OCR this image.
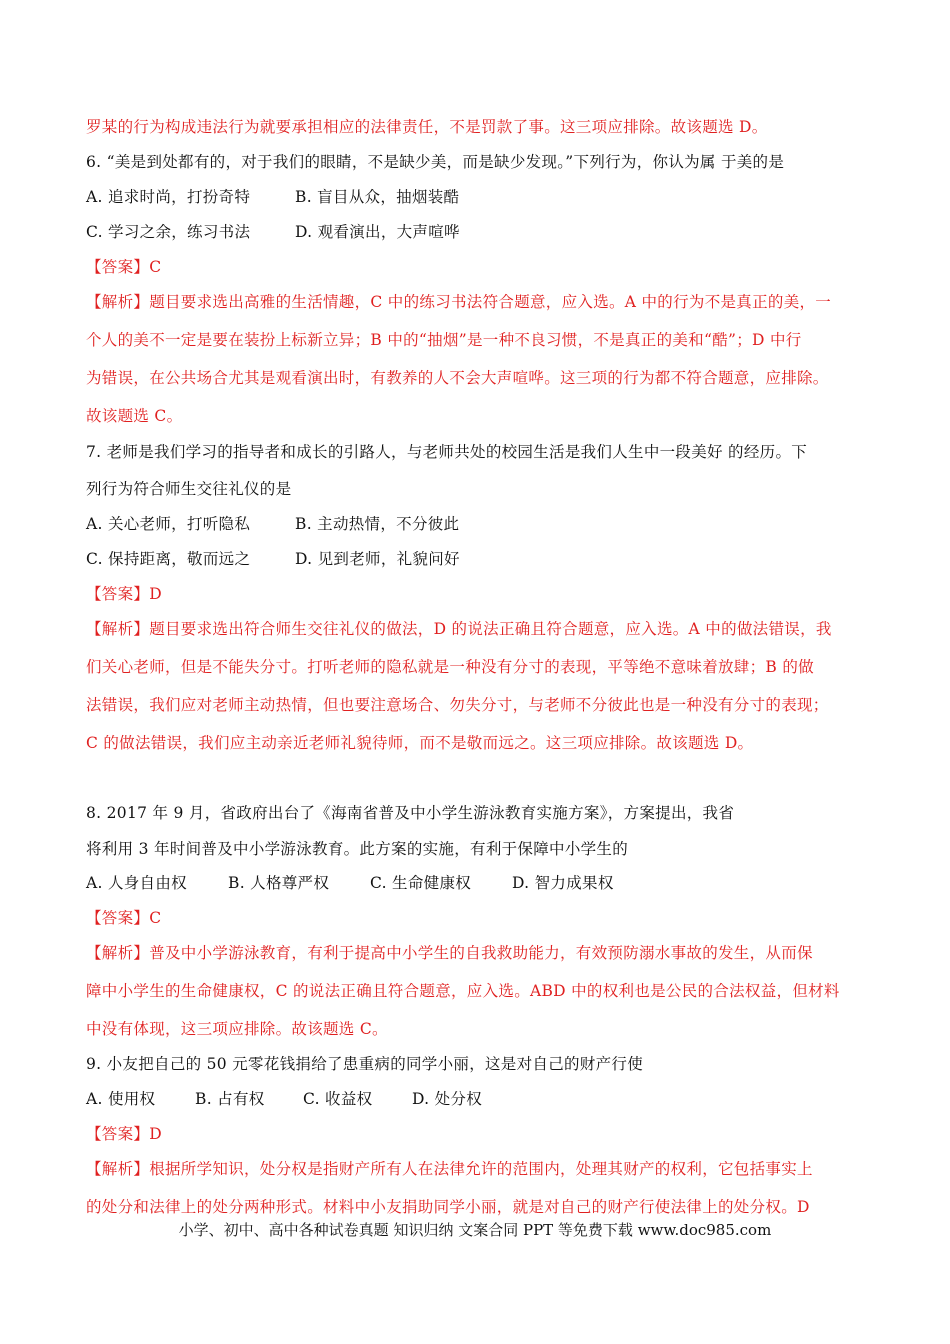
罗某的行为构成违法行为就要承担相应的法律责任，不是罚款了事。这三项应排除。故该题选 D。
6. “美是到处都有的，对于我们的眼睛，不是缺少美，而是缺少发现。”下列行为，你认为属 于美的是
A. 追求时尚，打扮奇特	B. 盲目从众，抽烟装酷
C. 学习之余，练习书法	D. 观看演出，大声喧哗
【答案】C
【解析】题目要求选出高雅的生活情趣，C 中的练习书法符合题意，应入选。A 中的行为不是真正的美，一
个人的美不一定是要在装扮上标新立异；B 中的“抽烟”是一种不良习惯，不是真正的美和“酷”；D 中行
为错误，在公共场合尤其是观看演出时，有教养的人不会大声喧哗。这三项的行为都不符合题意，应排除。
故该题选 C。
7. 老师是我们学习的指导者和成长的引路人，与老师共处的校园生活是我们人生中一段美好 的经历。下
列行为符合师生交往礼仪的是
A. 关心老师，打听隐私	B. 主动热情，不分彼此
C. 保持距离，敬而远之	D. 见到老师，礼貌问好
【答案】D
【解析】题目要求选出符合师生交往礼仪的做法，D 的说法正确且符合题意，应入选。A 中的做法错误，我
们关心老师，但是不能失分寸。打听老师的隐私就是一种没有分寸的表现，平等绝不意味着放肆；B 的做
法错误，我们应对老师主动热情，但也要注意场合、勿失分寸，与老师不分彼此也是一种没有分寸的表现；
C 的做法错误，我们应主动亲近老师礼貌待师，而不是敬而远之。这三项应排除。故该题选 D。
8. 2017 年 9 月，省政府出台了《海南省普及中小学生游泳教育实施方案》，方案提出，我省
将利用 3 年时间普及中小学游泳教育。此方案的实施，有利于保障中小学生的
A. 人身自由权	B. 人格尊严权	C. 生命健康权	D. 智力成果权
【答案】C
【解析】普及中小学游泳教育，有利于提高中小学生的自我救助能力，有效预防溺水事故的发生，从而保
障中小学生的生命健康权，C 的说法正确且符合题意，应入选。ABD 中的权利也是公民的合法权益，但材料
中没有体现，这三项应排除。故该题选 C。
9. 小友把自己的 50 元零花钱捐给了患重病的同学小丽，这是对自己的财产行使
A. 使用权	B. 占有权 C. 收益权	D. 处分权
【答案】D
【解析】根据所学知识，处分权是指财产所有人在法律允许的范围内，处理其财产的权利，它包括事实上
的处分和法律上的处分两种形式。材料中小友捐助同学小丽，就是对自己的财产行使法律上的处分权。D
小学、初中、高中各种试卷真题 知识归纳 文案合同 PPT 等免费下载 www.doc985.com
